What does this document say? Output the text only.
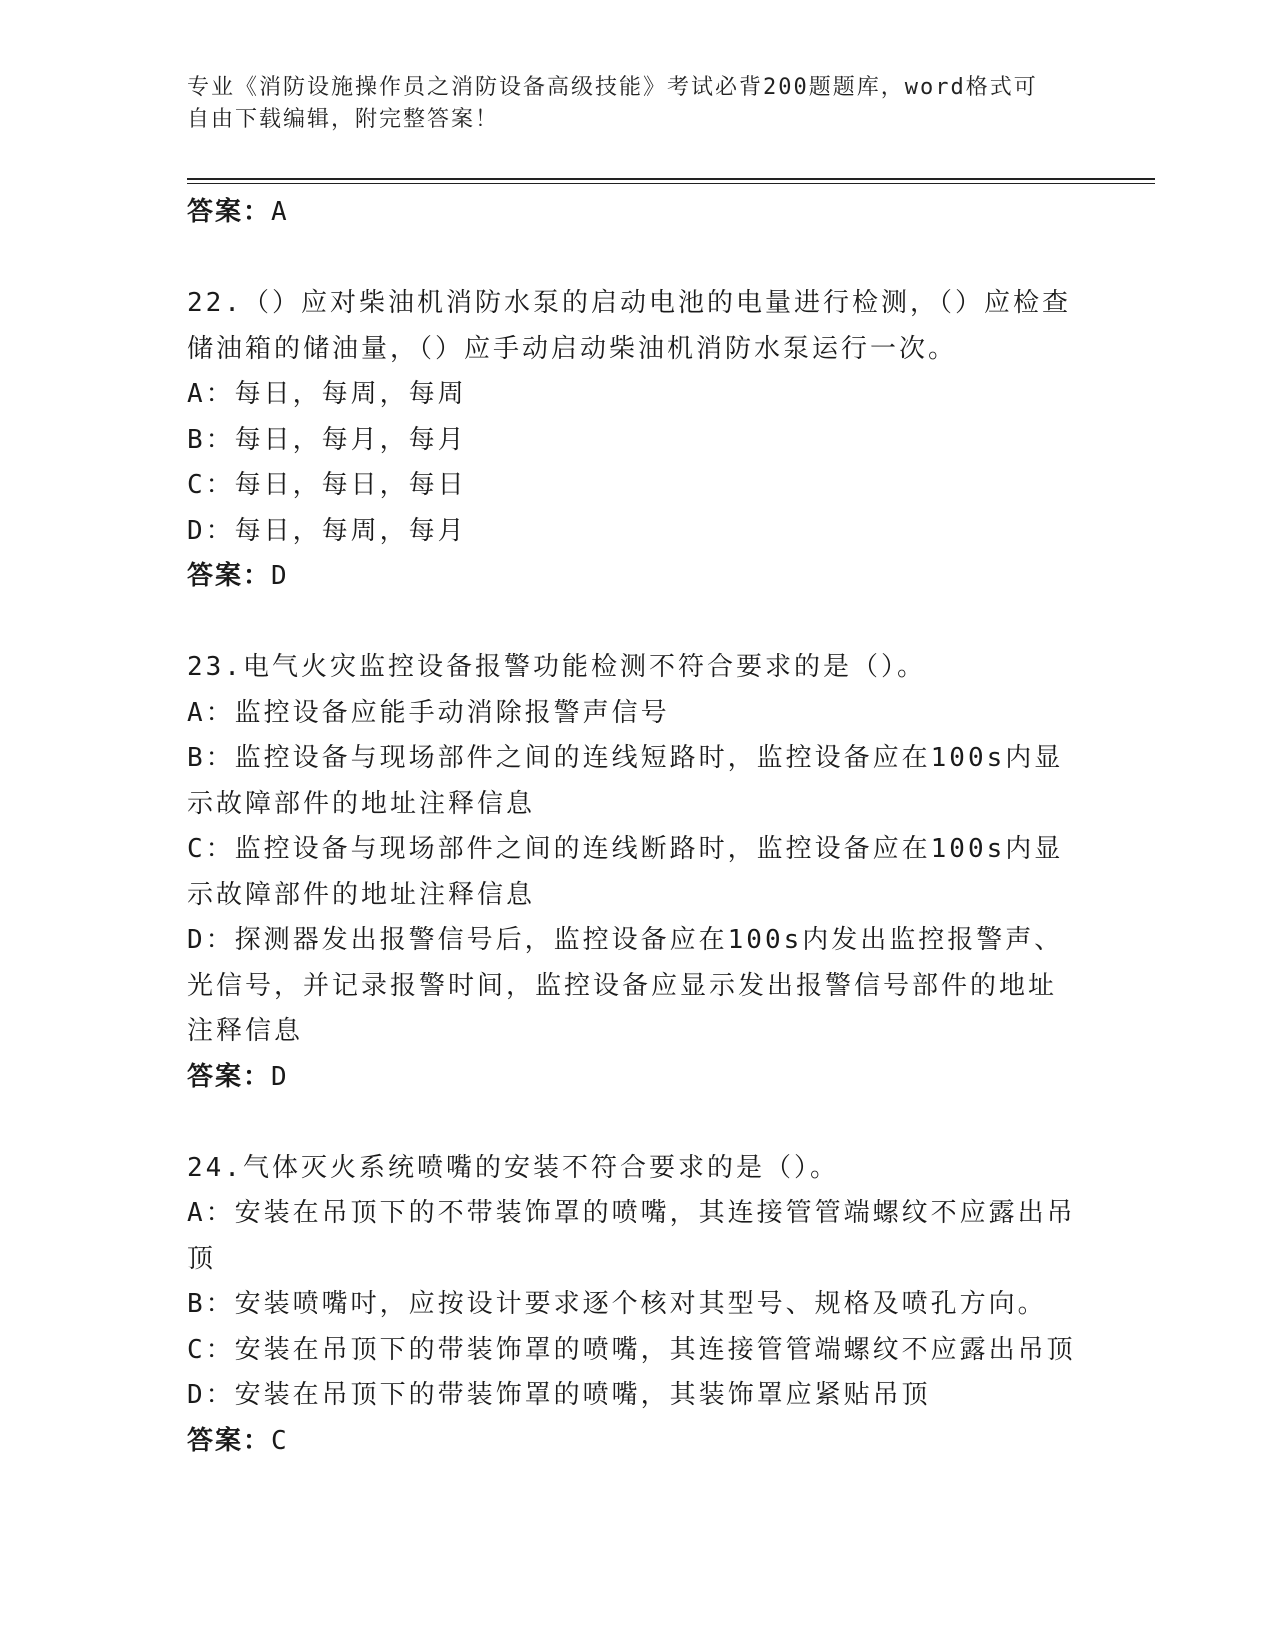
专业《消防设施操作员之消防设备高级技能》考试必背200题题库，word格式可
自由下载编辑，附完整答案！
答案：A
22.（）应对柴油机消防水泵的启动电池的电量进行检测，（）应检查
储油箱的储油量，（）应手动启动柴油机消防水泵运行一次。
A：每日，每周，每周
B：每日，每月，每月
C：每日，每日，每日
D：每日，每周，每月
答案：D
23.电气火灾监控设备报警功能检测不符合要求的是（）。
A：监控设备应能手动消除报警声信号
B：监控设备与现场部件之间的连线短路时，监控设备应在100s内显
示故障部件的地址注释信息
C：监控设备与现场部件之间的连线断路时，监控设备应在100s内显
示故障部件的地址注释信息
D：探测器发出报警信号后，监控设备应在100s内发出监控报警声、
光信号，并记录报警时间，监控设备应显示发出报警信号部件的地址
注释信息
答案：D
24.气体灭火系统喷嘴的安装不符合要求的是（）。
A：安装在吊顶下的不带装饰罩的喷嘴，其连接管管端螺纹不应露出吊
顶
B：安装喷嘴吋，应按设计要求逐个核对其型号、规格及喷孔方向。
C：安装在吊顶下的带装饰罩的喷嘴，其连接管管端螺纹不应露出吊顶
D：安装在吊顶下的带装饰罩的喷嘴，其装饰罩应紧贴吊顶
答案：C
